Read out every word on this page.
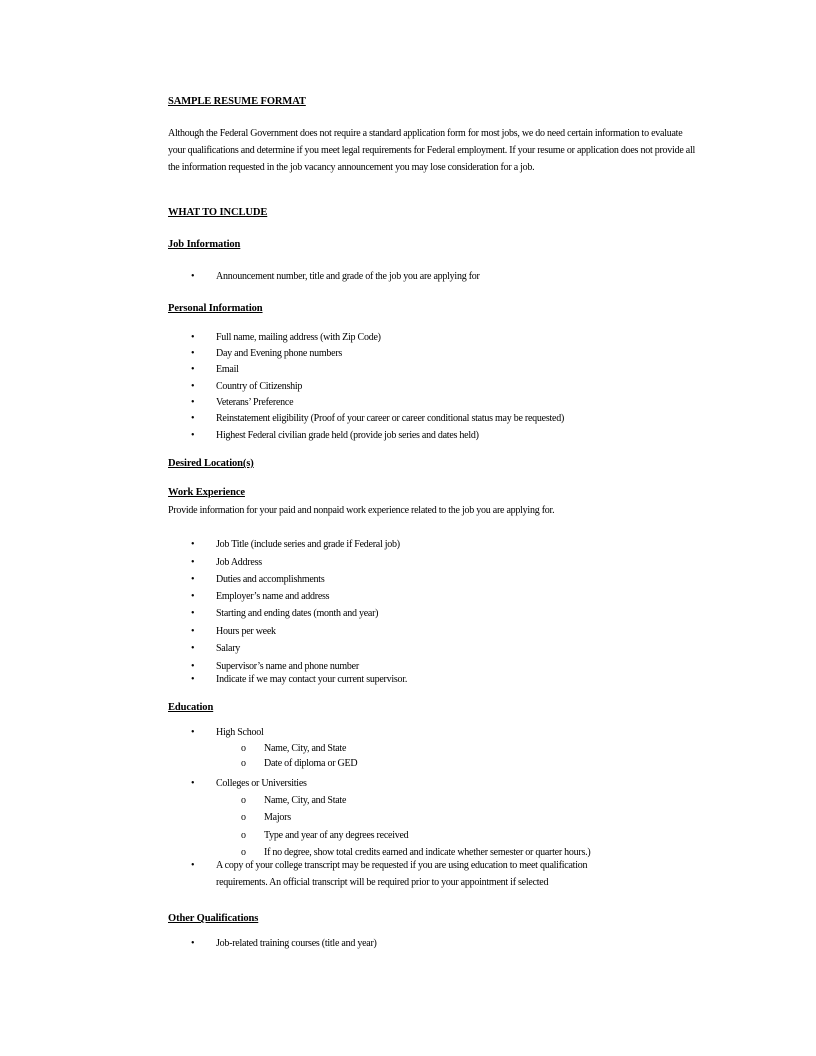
SAMPLE RESUME FORMAT
Although the Federal Government does not require a standard application form for most jobs, we do need certain information to evaluate your qualifications and determine if you meet legal requirements for Federal employment. If your resume or application does not provide all the information requested in the job vacancy announcement you may lose consideration for a job.
WHAT TO INCLUDE
Job Information
• Announcement number, title and grade of the job you are applying for
Personal Information
• Full name, mailing address (with Zip Code)
• Day and Evening phone numbers
• Email
• Country of Citizenship
• Veterans’ Preference
• Reinstatement eligibility (Proof of your career or career conditional status may be requested)
• Highest Federal civilian grade held (provide job series and dates held)
Desired Location(s)
Work Experience
Provide information for your paid and nonpaid work experience related to the job you are applying for.
• Job Title (include series and grade if Federal job)
• Job Address
• Duties and accomplishments
• Employer’s name and address
• Starting and ending dates (month and year)
• Hours per week
• Salary
• Supervisor’s name and phone number
• Indicate if we may contact your current supervisor.
Education
• High School
o Name, City, and State
o Date of diploma or GED
• Colleges or Universities
o Name, City, and State
o Majors
o Type and year of any degrees received
o If no degree, show total credits earned and indicate whether semester or quarter hours.)
• A copy of your college transcript may be requested if you are using education to meet qualification
requirements. An official transcript will be required prior to your appointment if selected
Other Qualifications
• Job-related training courses (title and year)
